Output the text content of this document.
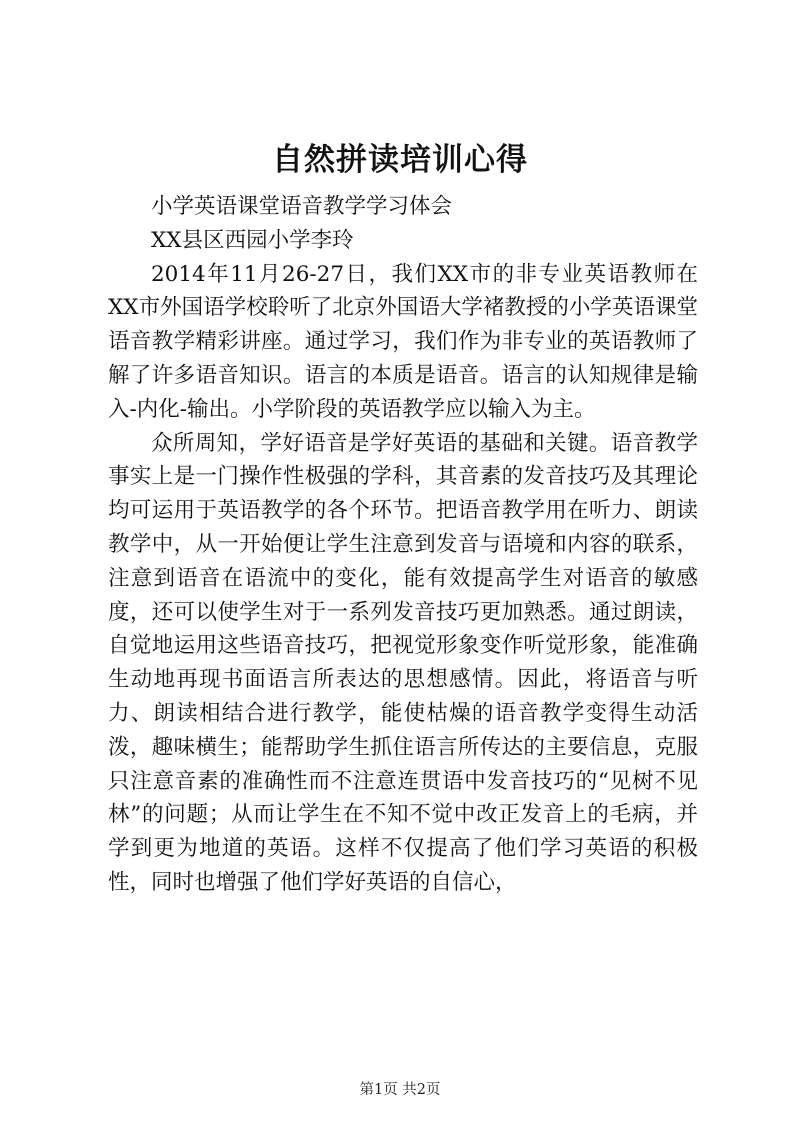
自然拼读培训心得

小学英语课堂语音教学学习体会

XX县区西园小学李玲

2014年11月26-27日，我们XX市的非专业英语教师在XX市外国语学校聆听了北京外国语大学褚教授的小学英语课堂语音教学精彩讲座。通过学习，我们作为非专业的英语教师了解了许多语音知识。语言的本质是语音。语言的认知规律是输入-内化-输出。小学阶段的英语教学应以输入为主。

众所周知，学好语音是学好英语的基础和关键。语音教学事实上是一门操作性极强的学科，其音素的发音技巧及其理论均可运用于英语教学的各个环节。把语音教学用在听力、朗读教学中，从一开始便让学生注意到发音与语境和内容的联系，注意到语音在语流中的变化，能有效提高学生对语音的敏感度，还可以使学生对于一系列发音技巧更加熟悉。通过朗读，自觉地运用这些语音技巧，把视觉形象变作听觉形象，能准确生动地再现书面语言所表达的思想感情。因此，将语音与听力、朗读相结合进行教学，能使枯燥的语音教学变得生动活泼，趣味横生；能帮助学生抓住语言所传达的主要信息，克服只注意音素的准确性而不注意连贯语中发音技巧的“见树不见林”的问题；从而让学生在不知不觉中改正发音上的毛病，并学到更为地道的英语。这样不仅提高了他们学习英语的积极性，同时也增强了他们学好英语的自信心，

第1页 共2页
